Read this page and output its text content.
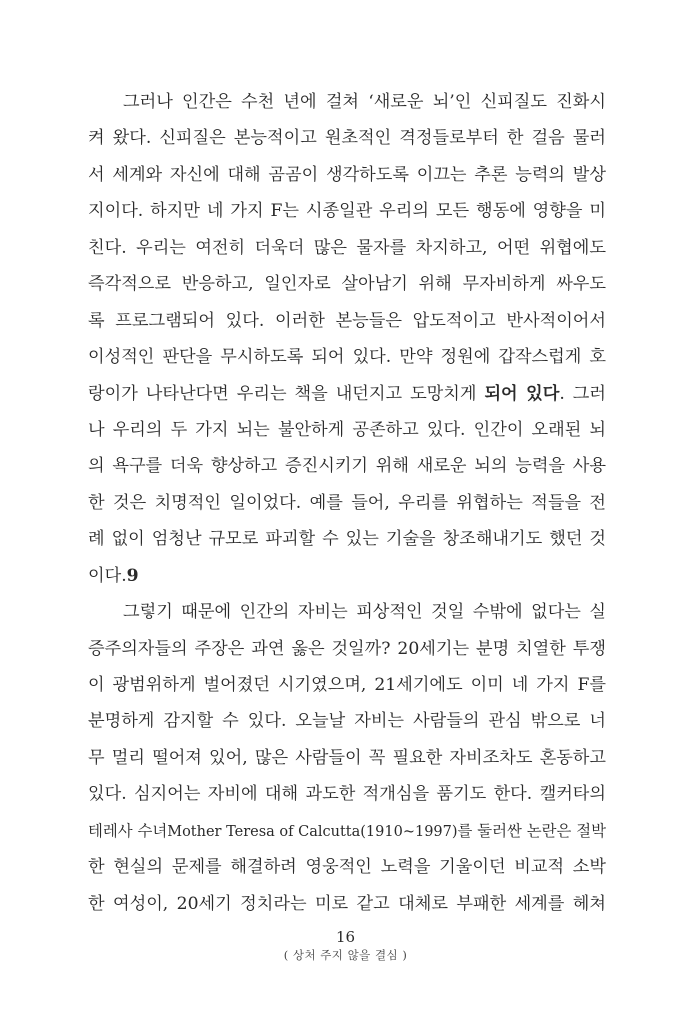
그러나 인간은 수천 년에 걸쳐 ‘새로운 뇌’인 신피질도 진화시
켜 왔다. 신피질은 본능적이고 원초적인 격정들로부터 한 걸음 물러
서 세계와 자신에 대해 곰곰이 생각하도록 이끄는 추론 능력의 발상
지이다. 하지만 네 가지 F는 시종일관 우리의 모든 행동에 영향을 미
친다. 우리는 여전히 더욱더 많은 물자를 차지하고, 어떤 위협에도
즉각적으로 반응하고, 일인자로 살아남기 위해 무자비하게 싸우도
록 프로그램되어 있다. 이러한 본능들은 압도적이고 반사적이어서
이성적인 판단을 무시하도록 되어 있다. 만약 정원에 갑작스럽게 호
랑이가 나타난다면 우리는 책을 내던지고 도망치게 되어 있다. 그러
나 우리의 두 가지 뇌는 불안하게 공존하고 있다. 인간이 오래된 뇌
의 욕구를 더욱 향상하고 증진시키기 위해 새로운 뇌의 능력을 사용
한 것은 치명적인 일이었다. 예를 들어, 우리를 위협하는 적들을 전
례 없이 엄청난 규모로 파괴할 수 있는 기술을 창조해내기도 했던 것
이다.9
그렇기 때문에 인간의 자비는 피상적인 것일 수밖에 없다는 실
증주의자들의 주장은 과연 옳은 것일까? 20세기는 분명 치열한 투쟁
이 광범위하게 벌어졌던 시기였으며, 21세기에도 이미 네 가지 F를
분명하게 감지할 수 있다. 오늘날 자비는 사람들의 관심 밖으로 너
무 멀리 떨어져 있어, 많은 사람들이 꼭 필요한 자비조차도 혼동하고
있다. 심지어는 자비에 대해 과도한 적개심을 품기도 한다. 캘커타의
테레사 수녀Mother Teresa of Calcutta(1910~1997)를 둘러싼 논란은 절박
한 현실의 문제를 해결하려 영웅적인 노력을 기울이던 비교적 소박
한 여성이, 20세기 정치라는 미로 같고 대체로 부패한 세계를 헤쳐
16
( 상처 주지 않을 결심 )
